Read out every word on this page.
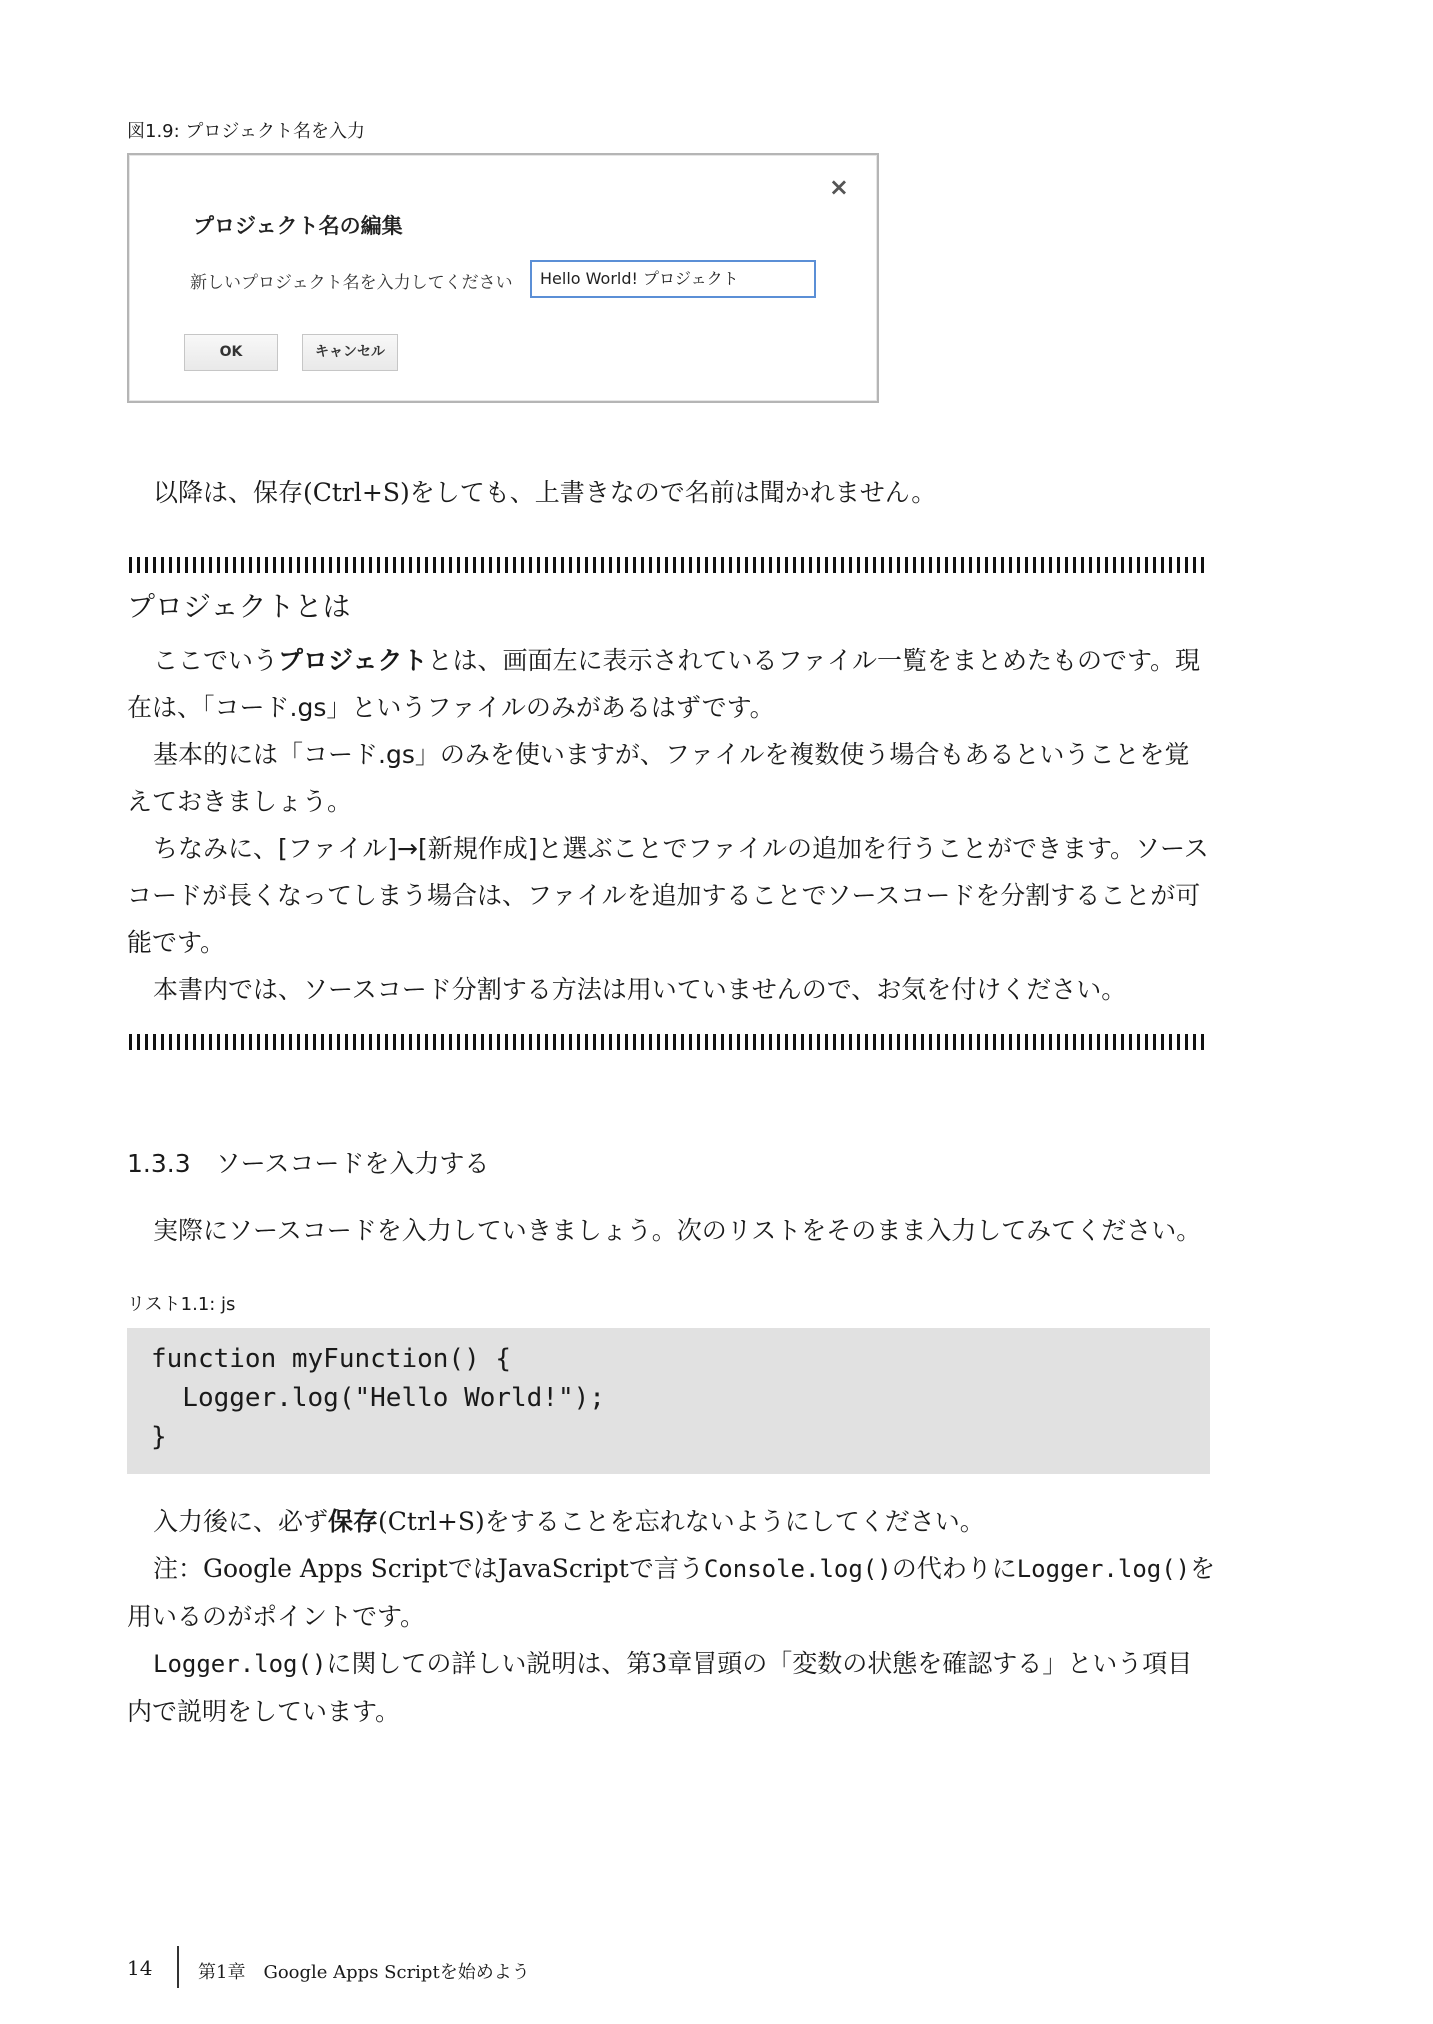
図1.9: プロジェクト名を入力
×
プロジェクト名の編集
新しいプロジェクト名を入力してください	Hello World! プロジェクト
OK	キャンセル
以降は、保存(Ctrl+S)をしても、上書きなので名前は聞かれません。
プロジェクトとは

ここでいうプロジェクトとは、画面左に表示されているファイル一覧をまとめたものです。現在は、「コード.gs」というファイルのみがあるはずです。

基本的には「コード.gs」のみを使いますが、ファイルを複数使う場合もあるということを覚えておきましょう。

ちなみに、[ファイル]→[新規作成]と選ぶことでファイルの追加を行うことができます。ソースコードが長くなってしまう場合は、ファイルを追加することでソースコードを分割することが可能です。

本書内では、ソースコード分割する方法は用いていませんので、お気を付けください。

1.3.3　 ソースコードを入力する
実際にソースコードを入力していきましょう。次のリストをそのまま入力してみてください。
リスト1.1: js
function myFunction() {
Logger.log("Hello World!");
}

入力後に、必ず保存(Ctrl+S)をすることを忘れないようにしてください。

注：Google Apps ScriptではJavaScriptで言うConsole.log()の代わりにLogger.log()を用いるのがポイントです。

Logger.log()に関しての詳しい説明は、第3章冒頭の「変数の状態を確認する」という項目内で説明をしています。

14	第1章　Google Apps Scriptを始めよう
